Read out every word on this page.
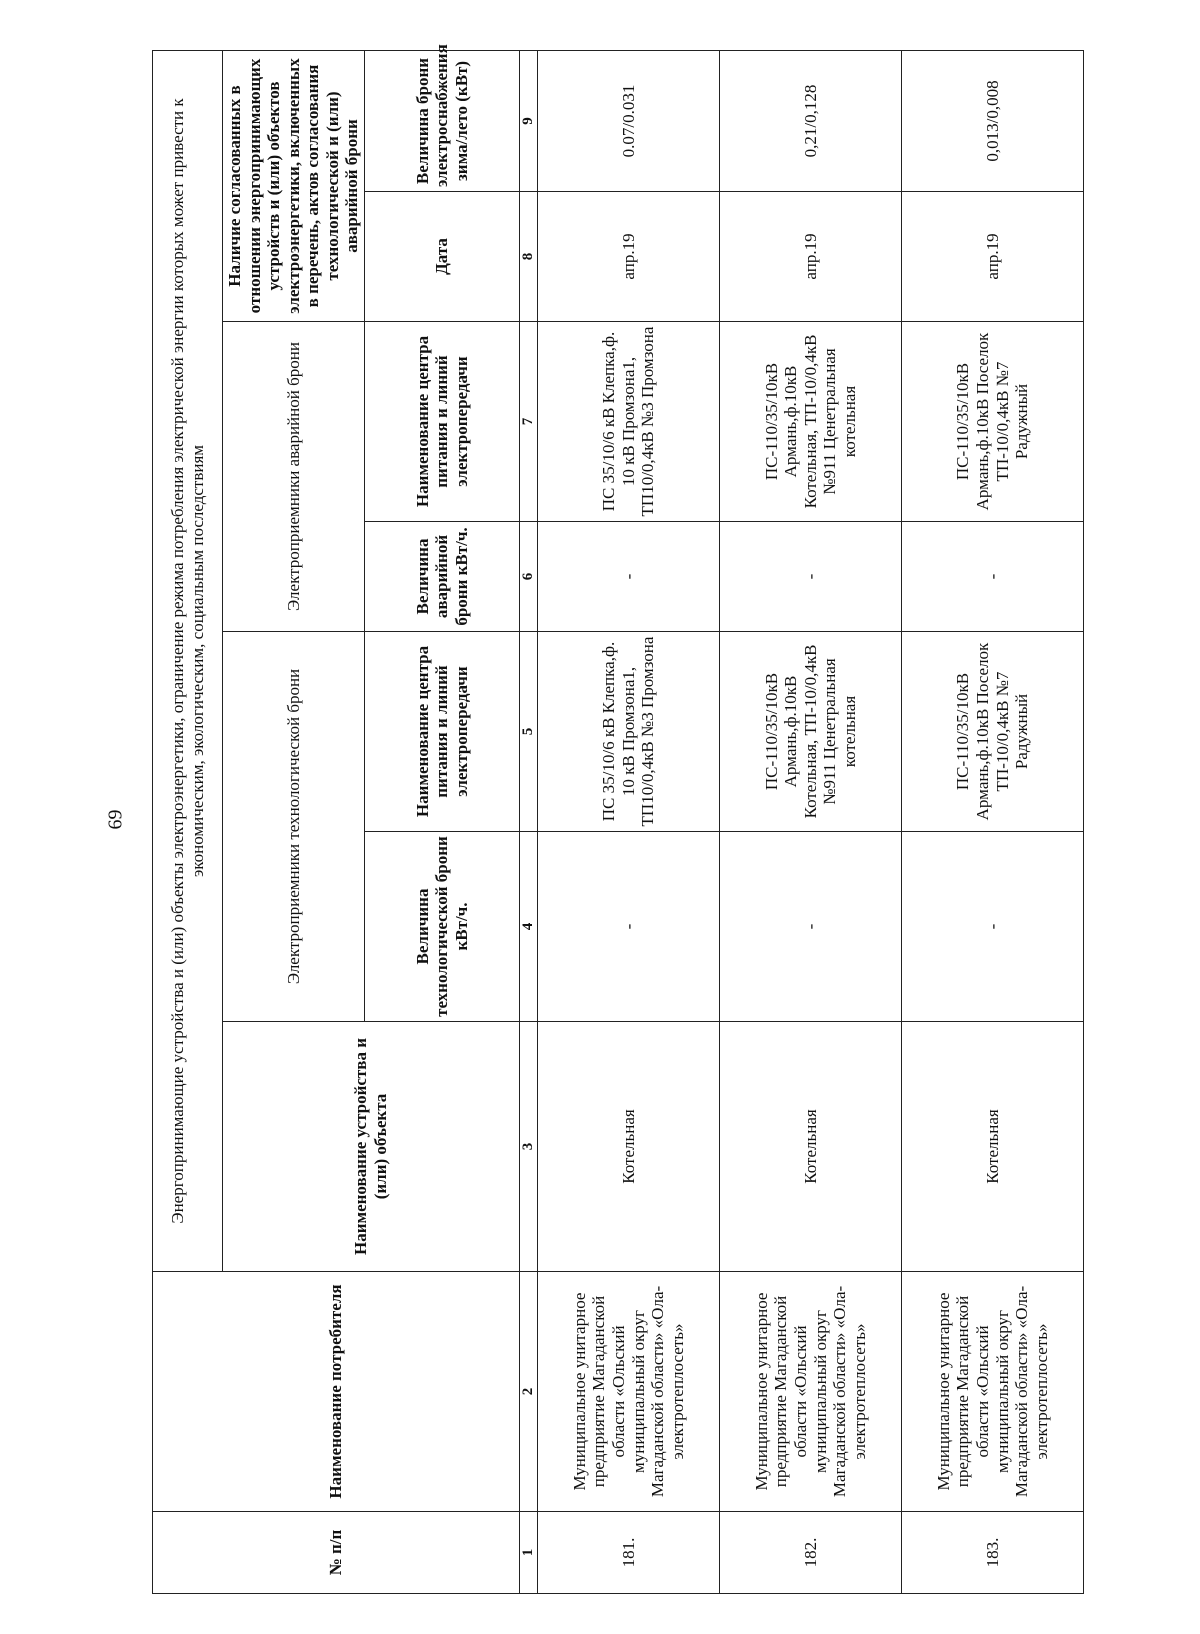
69
№ п/п	Наименование потребителя	Энергопринимающие устройства и (или) объекты электроэнергетики, ограничение режима потребления электрической энергии которых может привести к экономическим, экологическим, социальным последствиям						
		Наименование устройства и (или) объекта	Электроприемники технологической брони		Электроприемники аварийной брони		Наличие согласованных в отношении энергопринимающих устройств и (или) объектов электроэнергетики, включенных в перечень, актов согласования технологической и (или) аварийной брони	
			Величина технологической брони кВт/ч.	Наименование центра питания и линий электропередачи	Величина аварийной брони кВт/ч.	Наименование центра питания и линий электропередачи	Дата	Величина брони электроснабжения зима/лето (кВт)
1	2	3	4	5	6	7	8	9
181.	Муниципальное унитарное предприятие Магаданской области «Ольский муниципальный округ Магаданской области» «Ола-электротеплосеть»	Котельная	-	ПС 35/10/6 кВ Клепка,ф. 10 кВ Промзона1, ТП10/0,4кВ №3 Промзона	-	ПС 35/10/6 кВ Клепка,ф. 10 кВ Промзона1, ТП10/0,4кВ №3 Промзона	апр.19	0.07/0.031
182.	Муниципальное унитарное предприятие Магаданской области «Ольский муниципальный округ Магаданской области» «Ола-электротеплосеть»	Котельная	-	ПС-110/35/10кВ Армань,ф.10кВ Котельная, ТП-10/0,4кВ №911 Ценетральная котельная	-	ПС-110/35/10кВ Армань,ф.10кВ Котельная, ТП-10/0,4кВ №911 Ценетральная котельная	апр.19	0,21/0,128
183.	Муниципальное унитарное предприятие Магаданской области «Ольский муниципальный округ Магаданской области» «Ола-электротеплосеть»	Котельная	-	ПС-110/35/10кВ Армань,ф.10кВ Поселок ТП-10/0,4кВ №7 Радужный	-	ПС-110/35/10кВ Армань,ф.10кВ Поселок ТП-10/0,4кВ №7 Радужный	апр.19	0,013/0,008
